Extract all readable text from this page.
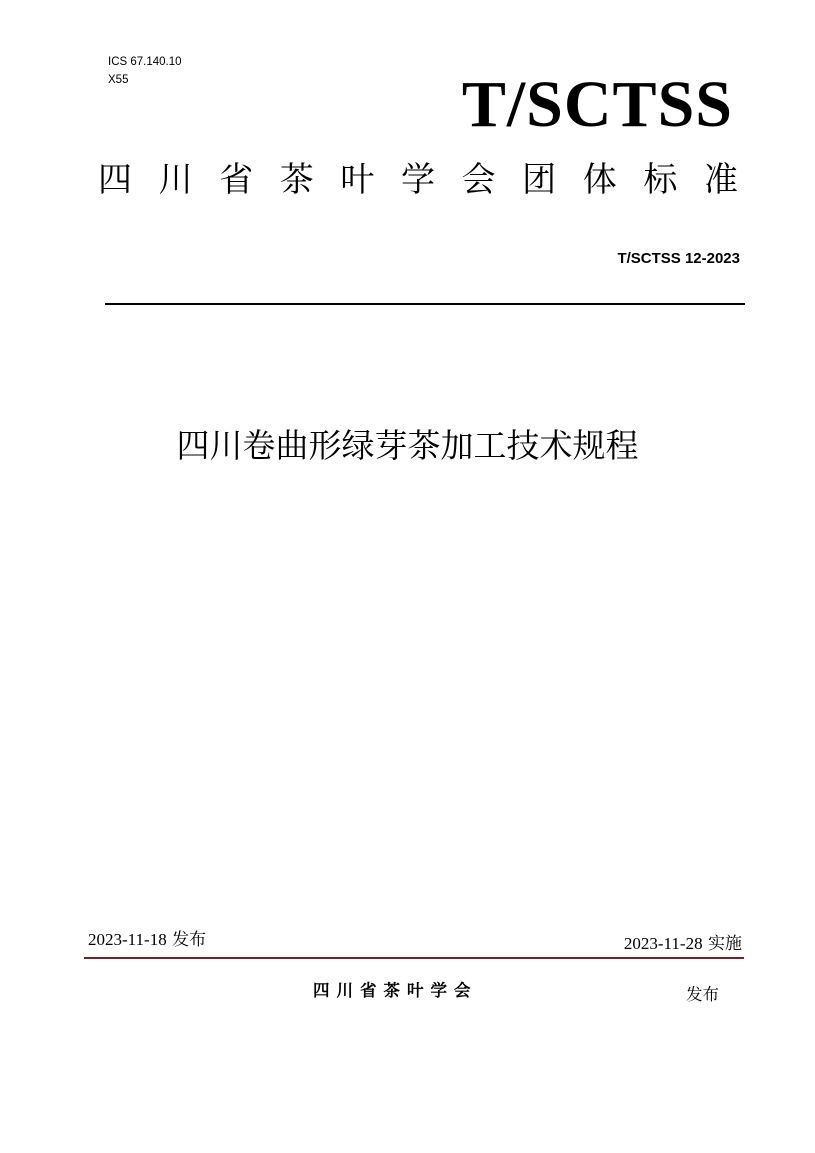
ICS 67.140.10
X55	T/SCTSS
四 川 省 茶 叶 学 会 团 体 标 准
T/SCTSS 12-2023
四川卷曲形绿芽茶加工技术规程
2023-11-18 发布	2023-11-28 实施
四川省茶叶学会	发布
